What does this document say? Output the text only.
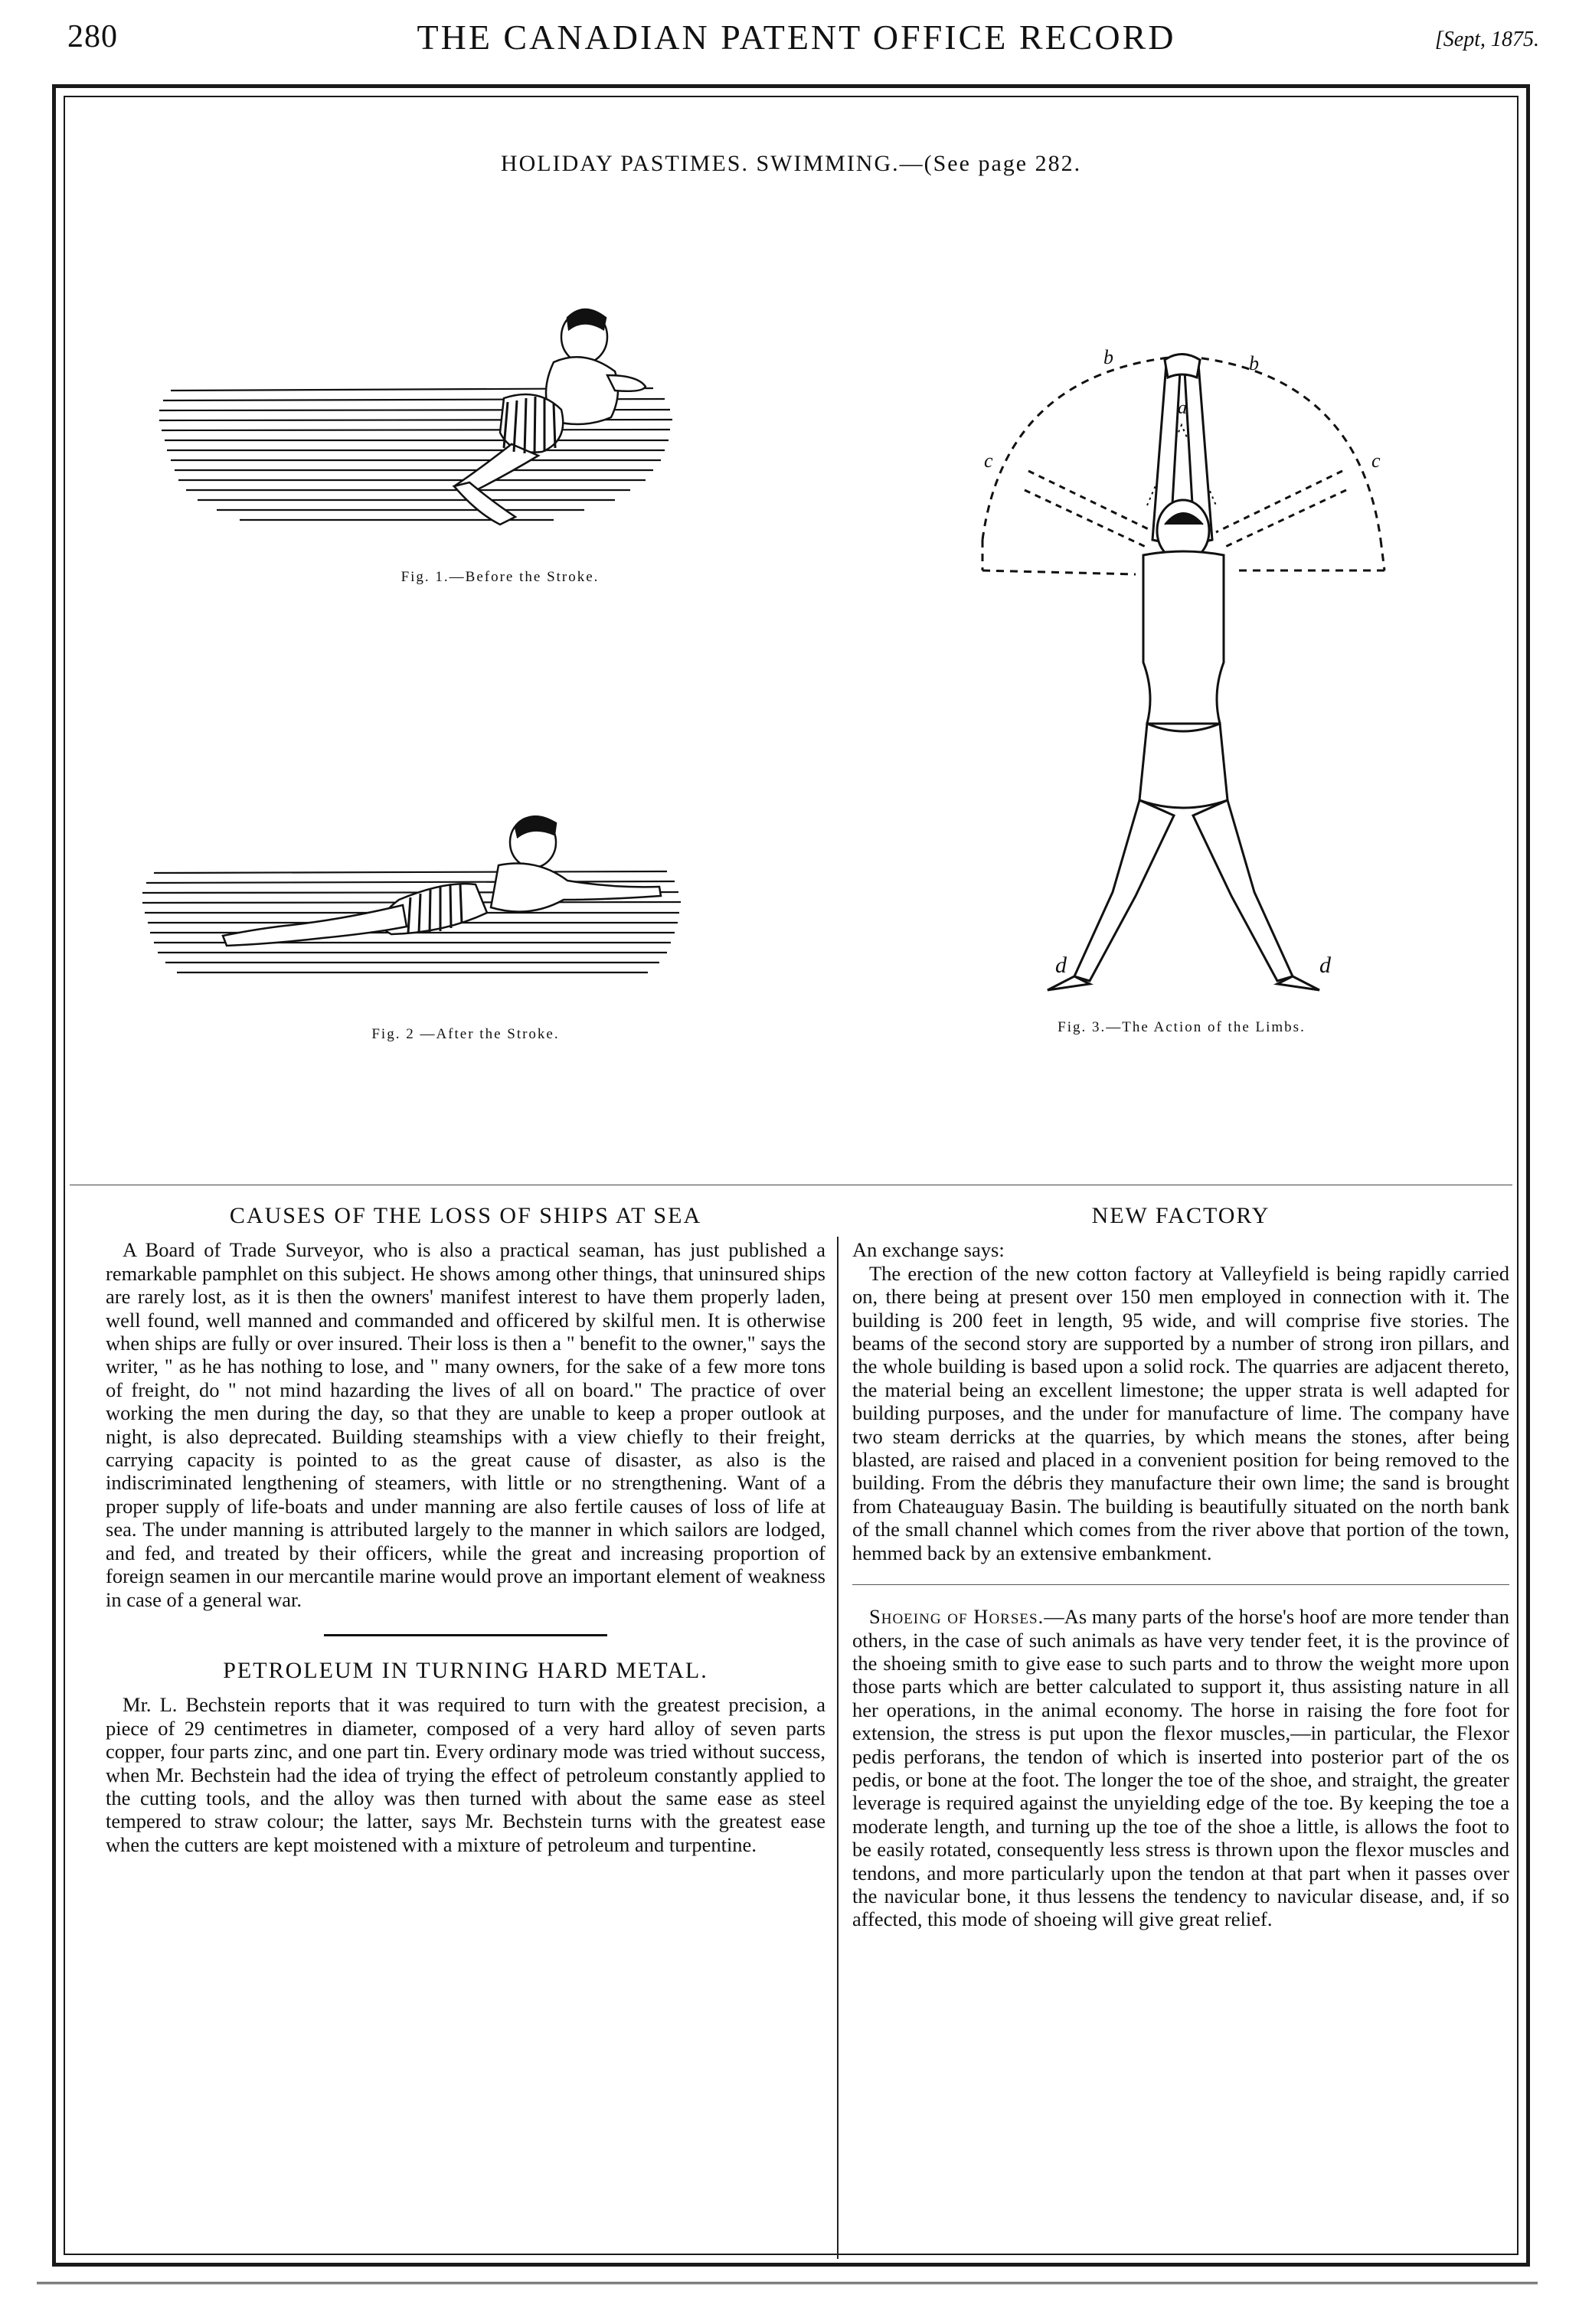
280	THE CANADIAN PATENT OFFICE RECORD	[Sept, 1875.
HOLIDAY PASTIMES. SWIMMING.—(See page 282.
Fig. 1.—Before the Stroke.
Fig. 2 —After the Stroke.
b	b
a
c	c
d	d
Fig. 3.—The Action of the Limbs.
CAUSES OF THE LOSS OF SHIPS AT SEA

A Board of Trade Surveyor, who is also a practical seaman, has just published a remarkable pamphlet on this subject. He shows among other things, that uninsured ships are rarely lost, as it is then the owners' manifest interest to have them properly laden, well found, well manned and commanded and officered by skilful men. It is otherwise when ships are fully or over insured. Their loss is then a " benefit to the owner," says the writer, " as he has nothing to lose, and " many owners, for the sake of a few more tons of freight, do " not mind hazarding the lives of all on board." The practice of over working the men during the day, so that they are unable to keep a proper outlook at night, is also deprecated. Building steamships with a view chiefly to their freight, carrying capacity is pointed to as the great cause of disaster, as also is the indiscriminated lengthening of steamers, with little or no strengthening. Want of a proper supply of life-boats and under manning are also fertile causes of loss of life at sea. The under manning is attributed largely to the manner in which sailors are lodged, and fed, and treated by their officers, while the great and increasing proportion of foreign seamen in our mercantile marine would prove an important element of weakness in case of a general war.

PETROLEUM IN TURNING HARD METAL.

Mr. L. Bechstein reports that it was required to turn with the greatest precision, a piece of 29 centimetres in diameter, composed of a very hard alloy of seven parts copper, four parts zinc, and one part tin. Every ordinary mode was tried without success, when Mr. Bechstein had the idea of trying the effect of petroleum constantly applied to the cutting tools, and the alloy was then turned with about the same ease as steel tempered to straw colour; the latter, says Mr. Bechstein turns with the greatest ease when the cutters are kept moistened with a mixture of petroleum and turpentine.

NEW FACTORY

An exchange says:

The erection of the new cotton factory at Valleyfield is being rapidly carried on, there being at present over 150 men employed in connection with it. The building is 200 feet in length, 95 wide, and will comprise five stories. The beams of the second story are supported by a number of strong iron pillars, and the whole building is based upon a solid rock. The quarries are adjacent thereto, the material being an excellent limestone; the upper strata is well adapted for building purposes, and the under for manufacture of lime. The company have two steam derricks at the quarries, by which means the stones, after being blasted, are raised and placed in a convenient position for being removed to the building. From the débris they manufacture their own lime; the sand is brought from Chateauguay Basin. The building is beautifully situated on the north bank of the small channel which comes from the river above that portion of the town, hemmed back by an extensive embankment.

Shoeing of Horses.—As many parts of the horse's hoof are more tender than others, in the case of such animals as have very tender feet, it is the province of the shoeing smith to give ease to such parts and to throw the weight more upon those parts which are better calculated to support it, thus assisting nature in all her operations, in the animal economy. The horse in raising the fore foot for extension, the stress is put upon the flexor muscles,—in particular, the Flexor pedis perforans, the tendon of which is inserted into posterior part of the os pedis, or bone at the foot. The longer the toe of the shoe, and straight, the greater leverage is required against the unyielding edge of the toe. By keeping the toe a moderate length, and turning up the toe of the shoe a little, is allows the foot to be easily rotated, consequently less stress is thrown upon the flexor muscles and tendons, and more particularly upon the tendon at that part when it passes over the navicular bone, it thus lessens the tendency to navicular disease, and, if so affected, this mode of shoeing will give great relief.
